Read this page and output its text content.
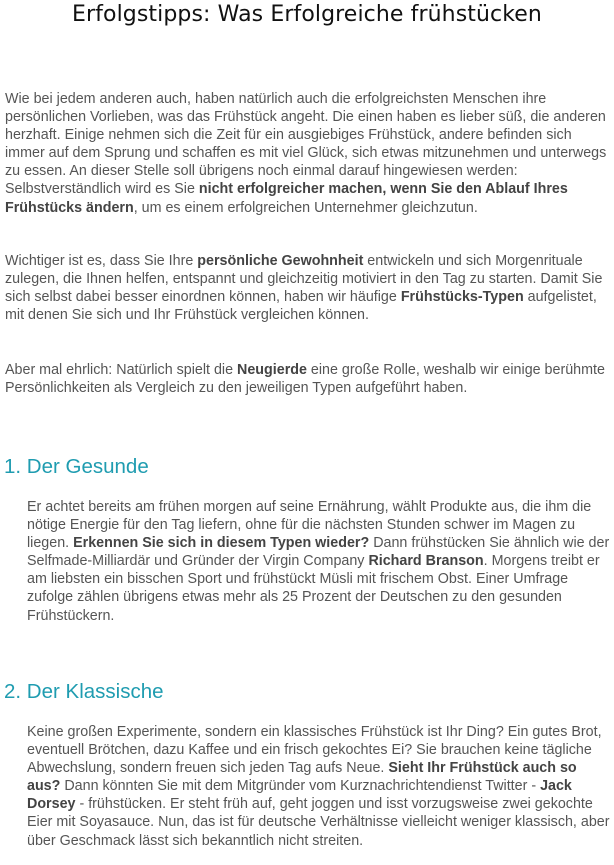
Erfolgstipps: Was Erfolgreiche frühstücken

Wie bei jedem anderen auch, haben natürlich auch die erfolgreichsten Menschen ihre persönlichen Vorlieben, was das Frühstück angeht. Die einen haben es lieber süß, die anderen herzhaft. Einige nehmen sich die Zeit für ein ausgiebiges Frühstück, andere befinden sich immer auf dem Sprung und schaffen es mit viel Glück, sich etwas mitzunehmen und unterwegs zu essen. An dieser Stelle soll übrigens noch einmal darauf hingewiesen werden: Selbstverständlich wird es Sie nicht erfolgreicher machen, wenn Sie den Ablauf Ihres Frühstücks ändern, um es einem erfolgreichen Unternehmer gleichzutun.

Wichtiger ist es, dass Sie Ihre persönliche Gewohnheit entwickeln und sich Morgenrituale zulegen, die Ihnen helfen, entspannt und gleichzeitig motiviert in den Tag zu starten. Damit Sie sich selbst dabei besser einordnen können, haben wir häufige Frühstücks-Typen aufgelistet, mit denen Sie sich und Ihr Frühstück vergleichen können.

Aber mal ehrlich: Natürlich spielt die Neugierde eine große Rolle, weshalb wir einige berühmte Persönlichkeiten als Vergleich zu den jeweiligen Typen aufgeführt haben.

1. Der Gesunde

Er achtet bereits am frühen morgen auf seine Ernährung, wählt Produkte aus, die ihm die nötige Energie für den Tag liefern, ohne für die nächsten Stunden schwer im Magen zu liegen. Erkennen Sie sich in diesem Typen wieder? Dann frühstücken Sie ähnlich wie der Selfmade-Milliardär und Gründer der Virgin Company Richard Branson. Morgens treibt er am liebsten ein bisschen Sport und frühstückt Müsli mit frischem Obst. Einer Umfrage zufolge zählen übrigens etwas mehr als 25 Prozent der Deutschen zu den gesunden Frühstückern.

2. Der Klassische

Keine großen Experimente, sondern ein klassisches Frühstück ist Ihr Ding? Ein gutes Brot, eventuell Brötchen, dazu Kaffee und ein frisch gekochtes Ei? Sie brauchen keine tägliche Abwechslung, sondern freuen sich jeden Tag aufs Neue. Sieht Ihr Frühstück auch so aus? Dann könnten Sie mit dem Mitgründer vom Kurznachrichtendienst Twitter - Jack Dorsey - frühstücken. Er steht früh auf, geht joggen und isst vorzugsweise zwei gekochte Eier mit Soyasauce. Nun, das ist für deutsche Verhältnisse vielleicht weniger klassisch, aber über Geschmack lässt sich bekanntlich nicht streiten.
